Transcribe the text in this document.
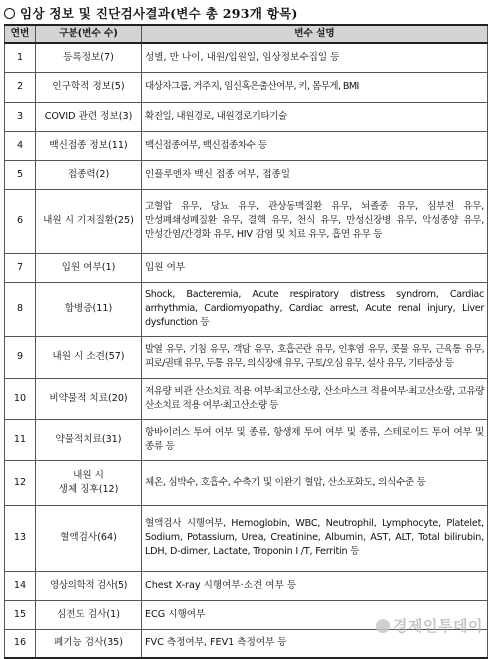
임상 정보 및 진단검사결과(변수 총 293개 항목)
연번	구분(변수 수)	변수 설명
1	등록정보(7)	성별, 만 나이, 내원/입원일, 임상정보수집일 등
2	인구학적 정보(5)	대상자그룹, 거주지, 임신혹은출산여부, 키, 몸무게, BMI
3	COVID 관련 정보(3)	확진일, 내원경로, 내원경로기타기술
4	백신접종 정보(11)	백신접종여부, 백신접종차수 등
5	접종력(2)	인플루엔자 백신 접종 여부, 접종일
6	내원 시 기저질환(25)	고혈압 유무, 당뇨 유무, 관상동맥질환 유무, 뇌졸중 유무, 심부전 유무, 만성폐쇄성폐질환 유무, 결핵 유무, 천식 유무, 만성신장병 유무, 악성종양 유무, 만성간염/간경화 유무, HIV 감염 및 치료 유무, 흡연 유무 등
7	입원 여부(1)	입원 여부
8	합병증(11)	Shock, Bacteremia, Acute respiratory distress syndrom, Cardiac arrhythmia, Cardiomyopathy, Cardiac arrest, Acute renal injury, Liver dysfunction 등
9	내원 시 소견(57)	발열 유무, 기침 유무, 객담 유무, 호흡곤란 유무, 인후염 유무, 콧물 유무, 근육통 유무, 피로/권태 유무, 두통 유무, 의식장애 유무, 구토/오심 유무, 설사 유무, 기타증상 등
10	비약물적 치료(20)	저유량 비관 산소치료 적용 여부·최고산소량, 산소마스크 적용여부·최고산소량, 고유량 산소치료 적용 여부·최고산소량 등
11	약물적치료(31)	항바이러스 투여 여부 및 종류, 항생제 투여 여부 및 종류, 스테로이드 투여 여부 및 종류 등
12	내원 시
생체 징후(12)	체온, 심박수, 호흡수, 수축기 및 이완기 혈압, 산소포화도, 의식수준 등
13	혈액검사(64)	혈액검사 시행여부, Hemoglobin, WBC, Neutrophil, Lymphocyte, Platelet, Sodium, Potassium, Urea, Creatinine, Albumin, AST, ALT, Total bilirubin, LDH, D-dimer, Lactate, Troponin I /T, Ferritin 등
14	영상의학적 검사(5)	Chest X-ray 시행여부·소견 여부 등
15	심전도 검사(1)	ECG 시행여부
16	폐기능 검사(35)	FVC 측정여부, FEV1 측정여부 등
경제인투데이
